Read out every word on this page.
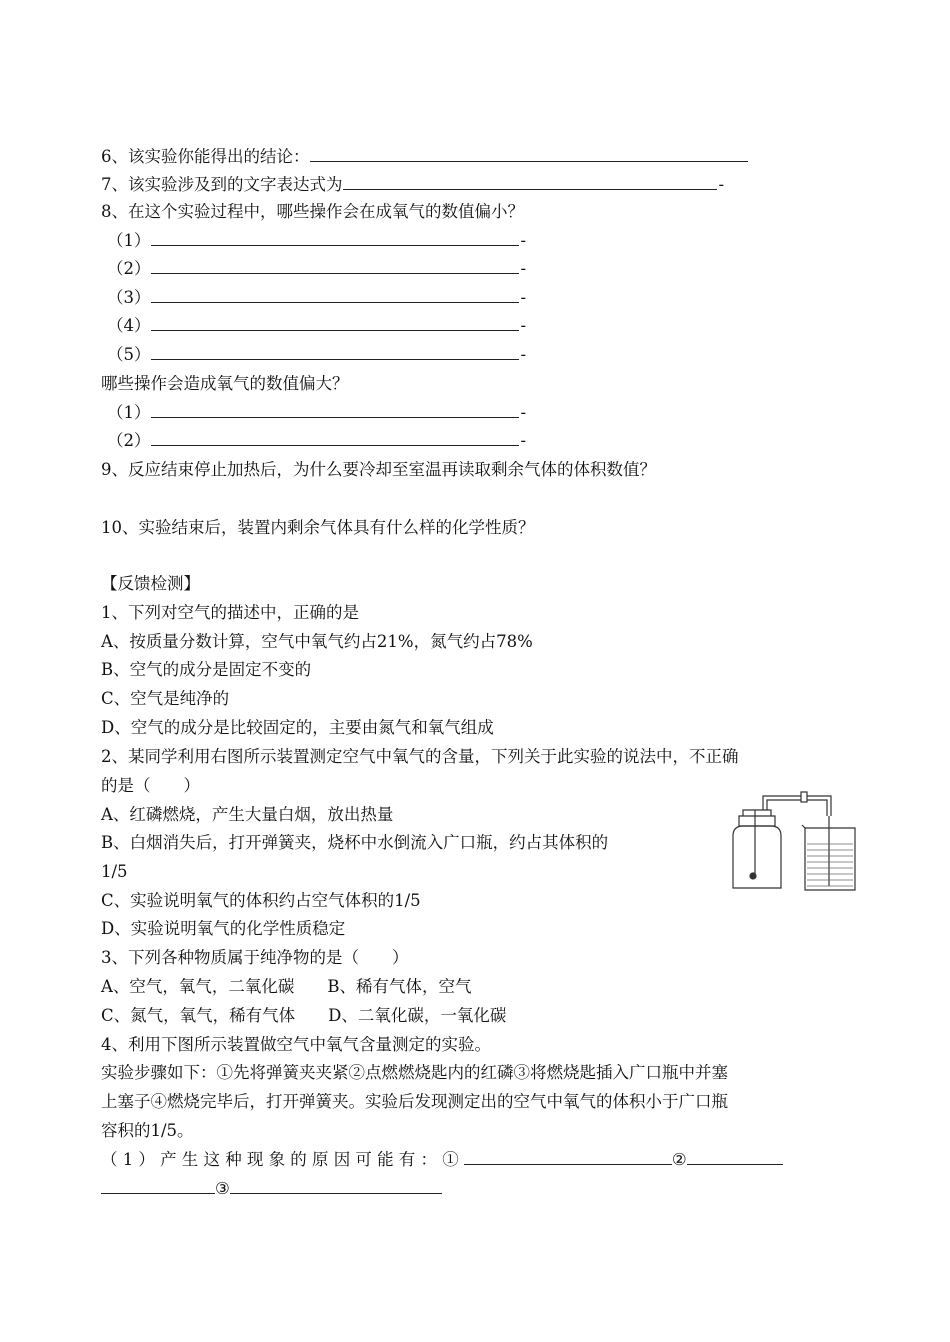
6、该实验你能得出的结论：
7、该实验涉及到的文字表达式为	-
8、在这个实验过程中，哪些操作会在成氧气的数值偏小？
（1）	-
（2）	-
（3）	-
（4）	-
（5）	-
哪些操作会造成氧气的数值偏大？
（1）	-
（2）	-
9、反应结束停止加热后，为什么要冷却至室温再读取剩余气体的体积数值？
10、实验结束后，装置内剩余气体具有什么样的化学性质？
【反馈检测】
1、下列对空气的描述中，正确的是
A、按质量分数计算，空气中氧气约占21%，氮气约占78%
B、空气的成分是固定不变的
C、空气是纯净的
D、空气的成分是比较固定的，主要由氮气和氧气组成
2、某同学利用右图所示装置测定空气中氧气的含量，下列关于此实验的说法中，不正确
的是（　　）
A、红磷燃烧，产生大量白烟，放出热量
B、白烟消失后，打开弹簧夹，烧杯中水倒流入广口瓶，约占其体积的
1/5
C、实验说明氧气的体积约占空气体积的1/5
D、实验说明氧气的化学性质稳定
3、下列各种物质属于纯净物的是（　　）
A、空气，氧气，二氧化碳　　B、稀有气体，空气
C、氮气，氧气，稀有气体　　D、二氧化碳，一氧化碳
4、利用下图所示装置做空气中氧气含量测定的实验。
实验步骤如下：①先将弹簧夹夹紧②点燃燃烧匙内的红磷③将燃烧匙插入广口瓶中并塞
上塞子④燃烧完毕后，打开弹簧夹。实验后发现测定出的空气中氧气的体积小于广口瓶
容积的1/5。
（1）产生这种现象的原因可能有：①	②
③
